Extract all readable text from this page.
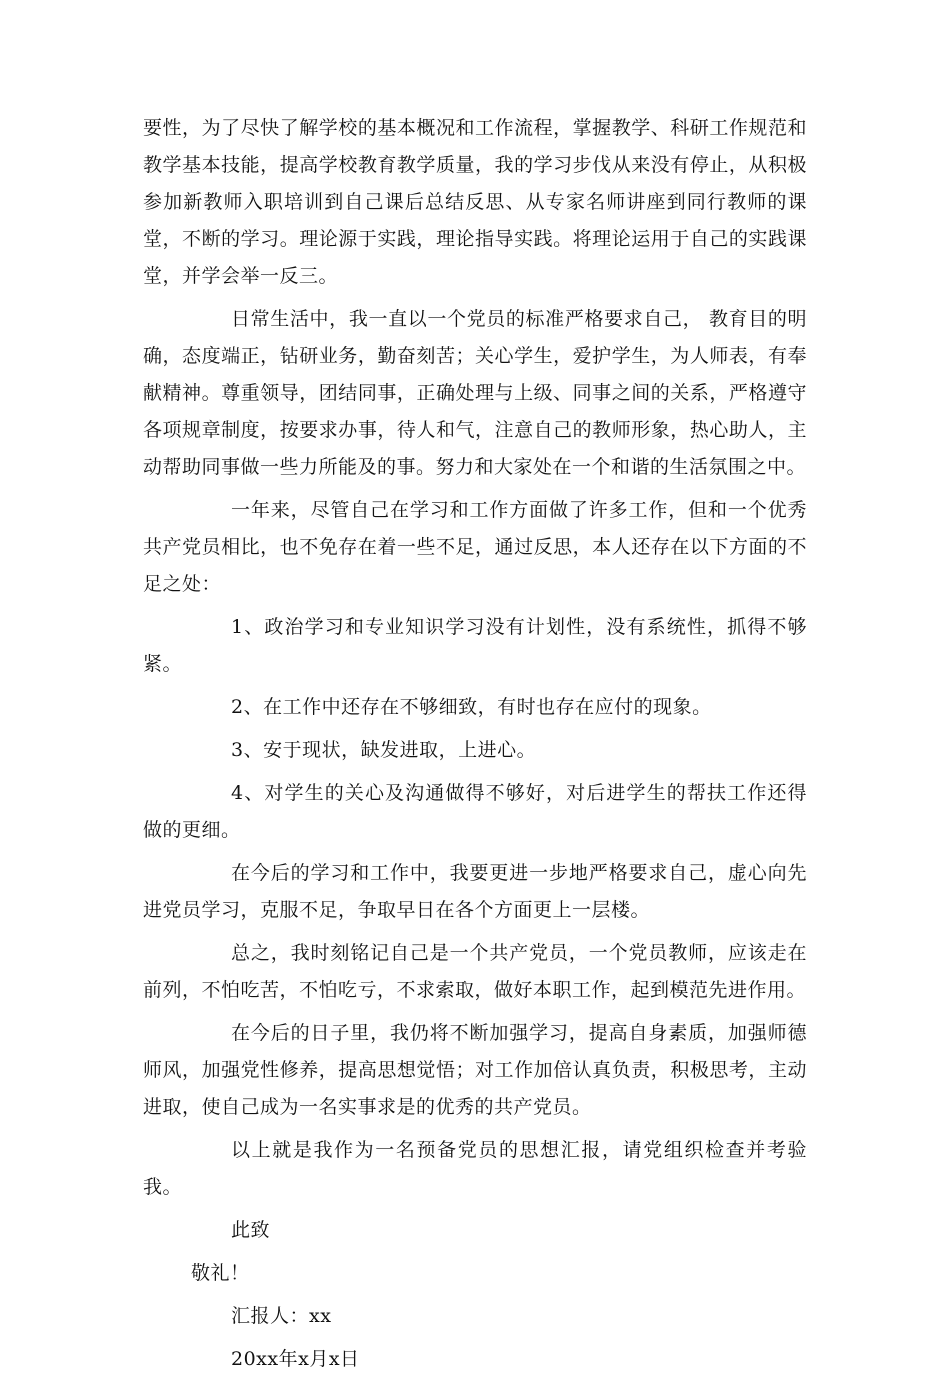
要性，为了尽快了解学校的基本概况和工作流程，掌握教学、科研工作规范和教学基本技能，提高学校教育教学质量，我的学习步伐从来没有停止，从积极参加新教师入职培训到自己课后总结反思、从专家名师讲座到同行教师的课堂，不断的学习。理论源于实践，理论指导实践。将理论运用于自己的实践课堂，并学会举一反三。

日常生活中，我一直以一个党员的标准严格要求自己， 教育目的明确，态度端正，钻研业务，勤奋刻苦；关心学生，爱护学生，为人师表，有奉献精神。尊重领导，团结同事，正确处理与上级、同事之间的关系，严格遵守各项规章制度，按要求办事，待人和气，注意自己的教师形象，热心助人，主动帮助同事做一些力所能及的事。努力和大家处在一个和谐的生活氛围之中。

一年来，尽管自己在学习和工作方面做了许多工作，但和一个优秀共产党员相比，也不免存在着一些不足，通过反思，本人还存在以下方面的不足之处：

1、政治学习和专业知识学习没有计划性，没有系统性，抓得不够紧。

2、在工作中还存在不够细致，有时也存在应付的现象。

3、安于现状，缺发进取，上进心。

4、对学生的关心及沟通做得不够好，对后进学生的帮扶工作还得做的更细。

在今后的学习和工作中，我要更进一步地严格要求自己，虚心向先进党员学习，克服不足，争取早日在各个方面更上一层楼。

总之，我时刻铭记自己是一个共产党员，一个党员教师，应该走在前列，不怕吃苦，不怕吃亏，不求索取，做好本职工作，起到模范先进作用。

在今后的日子里，我仍将不断加强学习，提高自身素质，加强师德师风，加强党性修养，提高思想觉悟；对工作加倍认真负责，积极思考，主动进取，使自己成为一名实事求是的优秀的共产党员。

以上就是我作为一名预备党员的思想汇报，请党组织检查并考验我。

此致
敬礼！
汇报人：xx
20xx年x月x日
